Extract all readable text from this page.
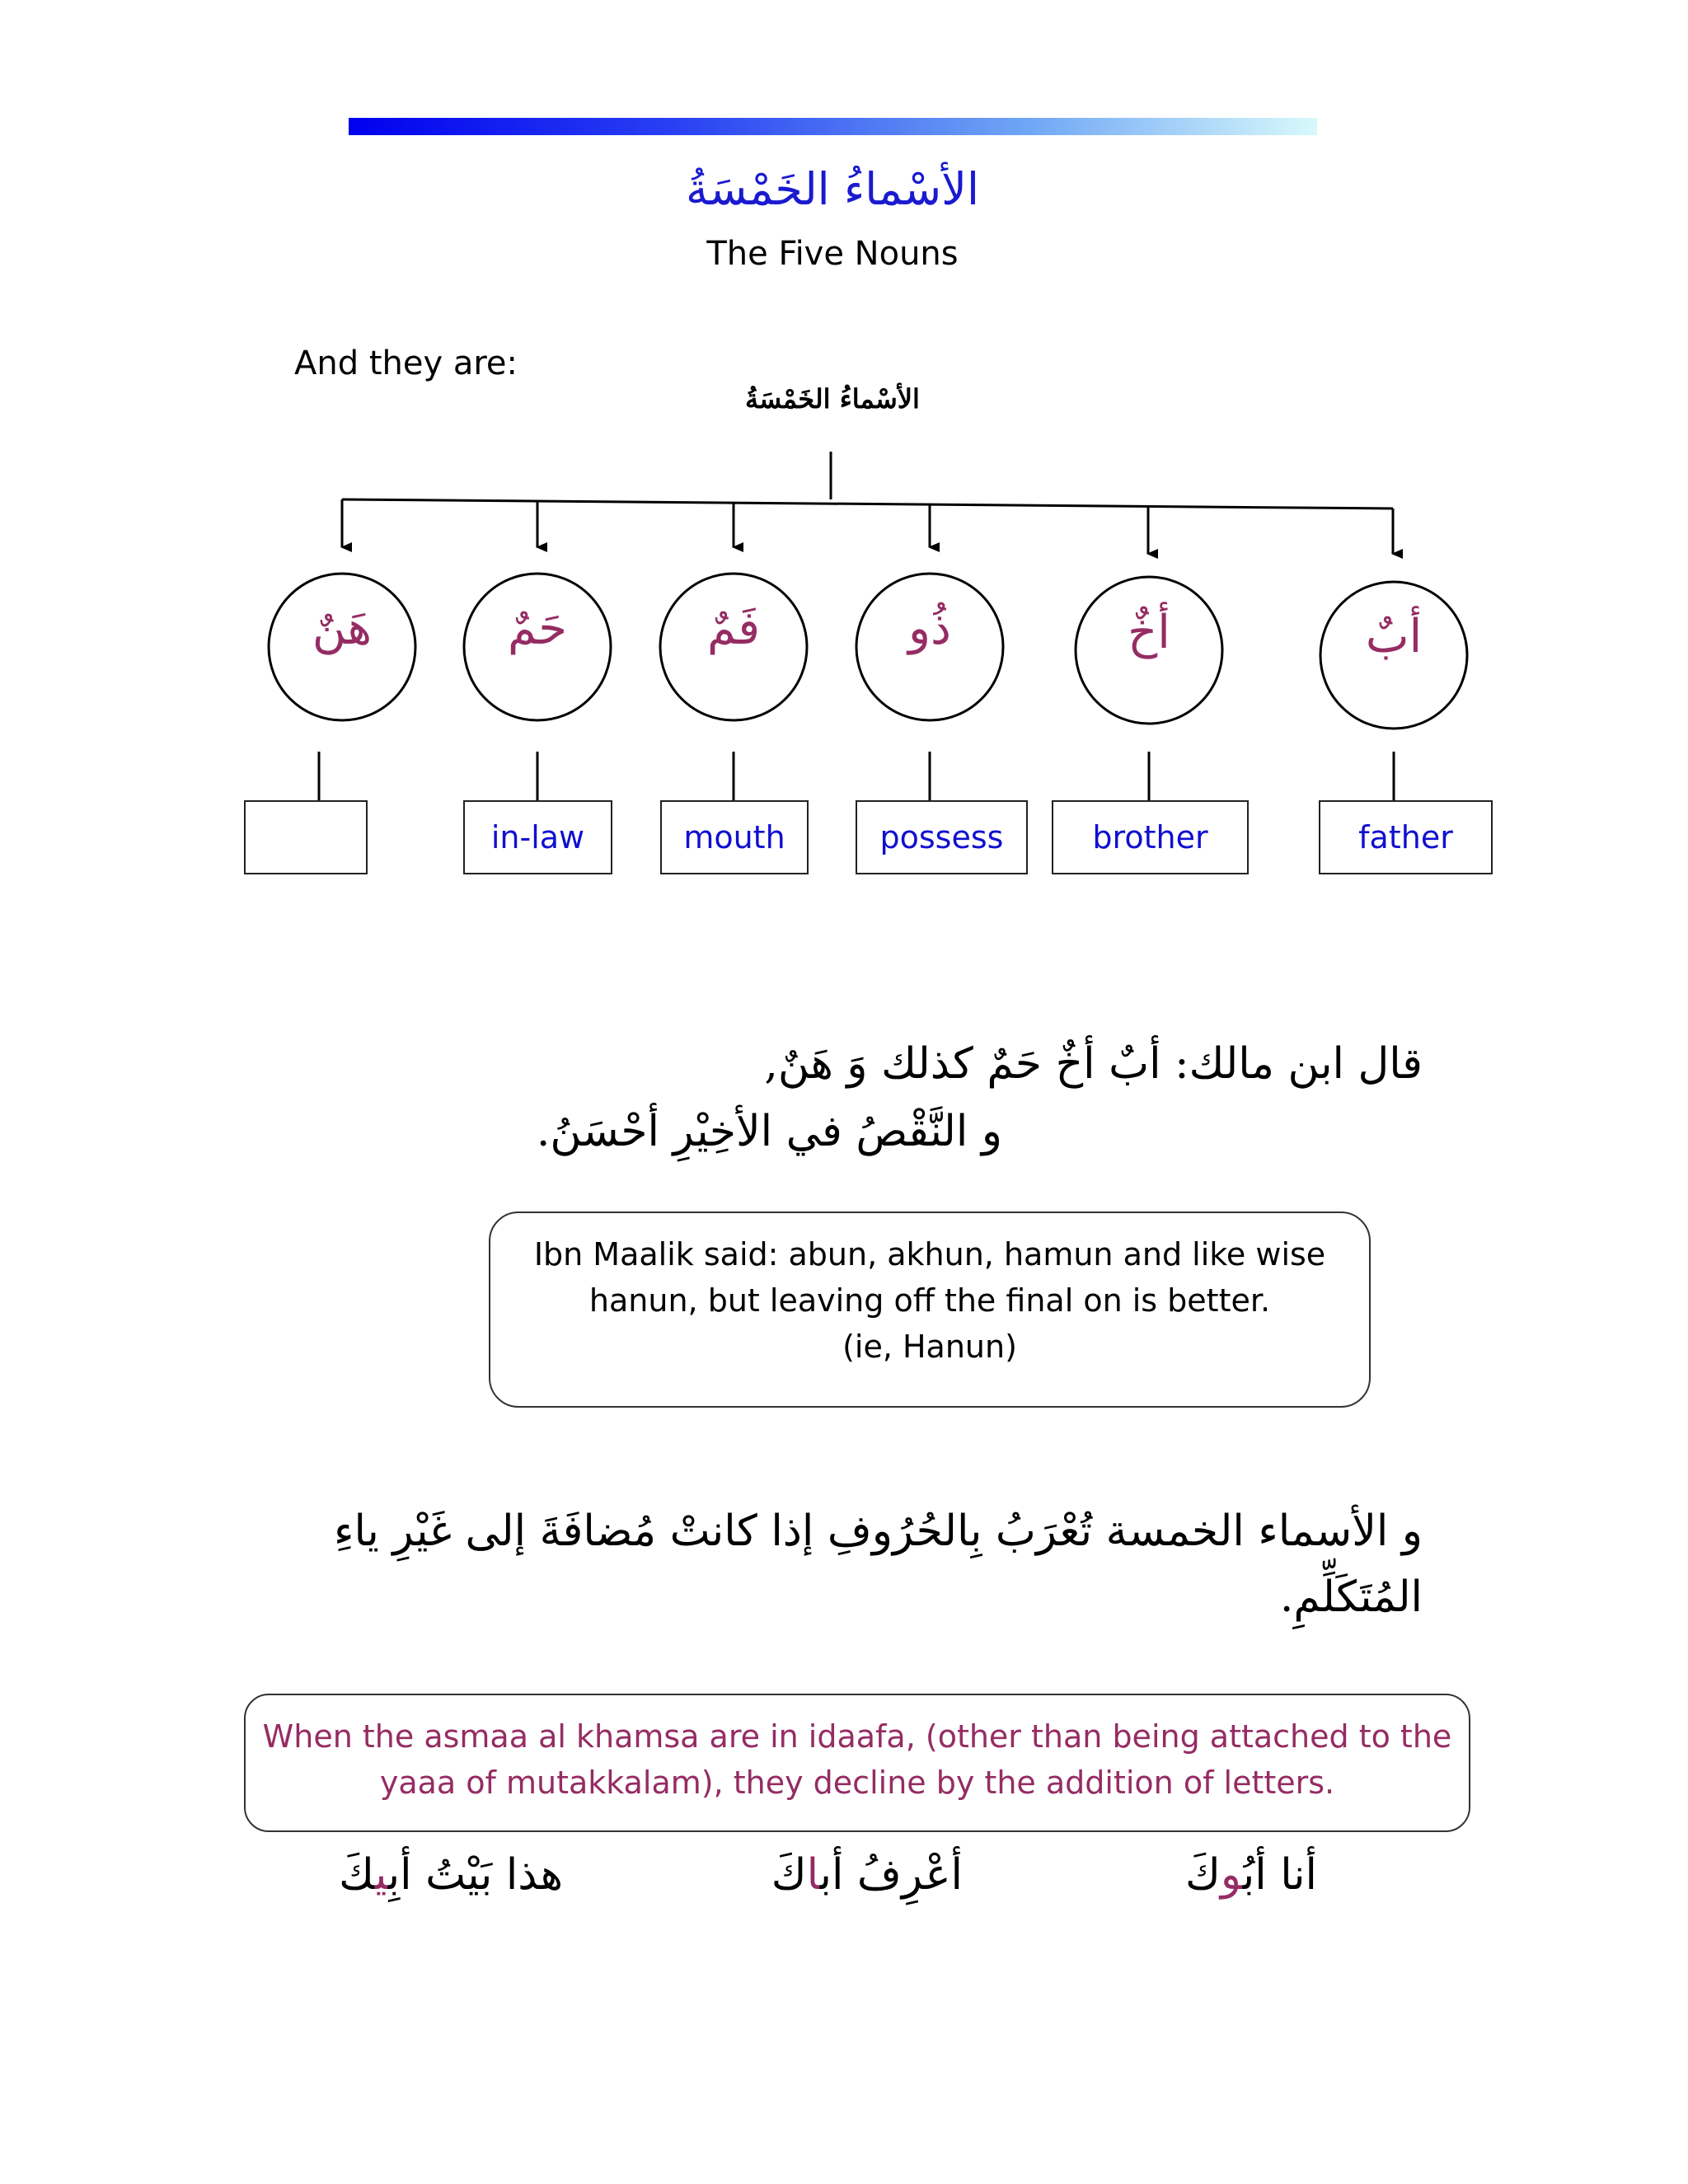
الأسْماءُ الخَمْسَةُ
The Five Nouns
And they are:
الأسْماءُ الخَمْسَةُ
أبٌ
أخٌ
ذُو
فَمٌ
حَمٌ
هَنٌ
father
brother
possess
mouth
in-law
قال ابن مالك: أبٌ أخٌ حَمٌ كذلك وَ هَنٌ,
و النَّقْصُ في الأخِيْرِ أحْسَنُ.
Ibn Maalik said: abun, akhun, hamun and like wise
hanun, but leaving off the final on is better.
(ie, Hanun)
و الأسماء الخمسة تُعْرَبُ بِالحُرُوفِ إذا كانتْ مُضافَةَ إلى غَيْرِ ياءِ
المُتَكَلِّمِ.
When the asmaa al khamsa are in idaafa, (other than being attached to the
yaaa of mutakkalam), they decline by the addition of letters.
أنا أبُوكَ
أعْرِفُ أباكَ
هذا بَيْتُ أبِيكَ
